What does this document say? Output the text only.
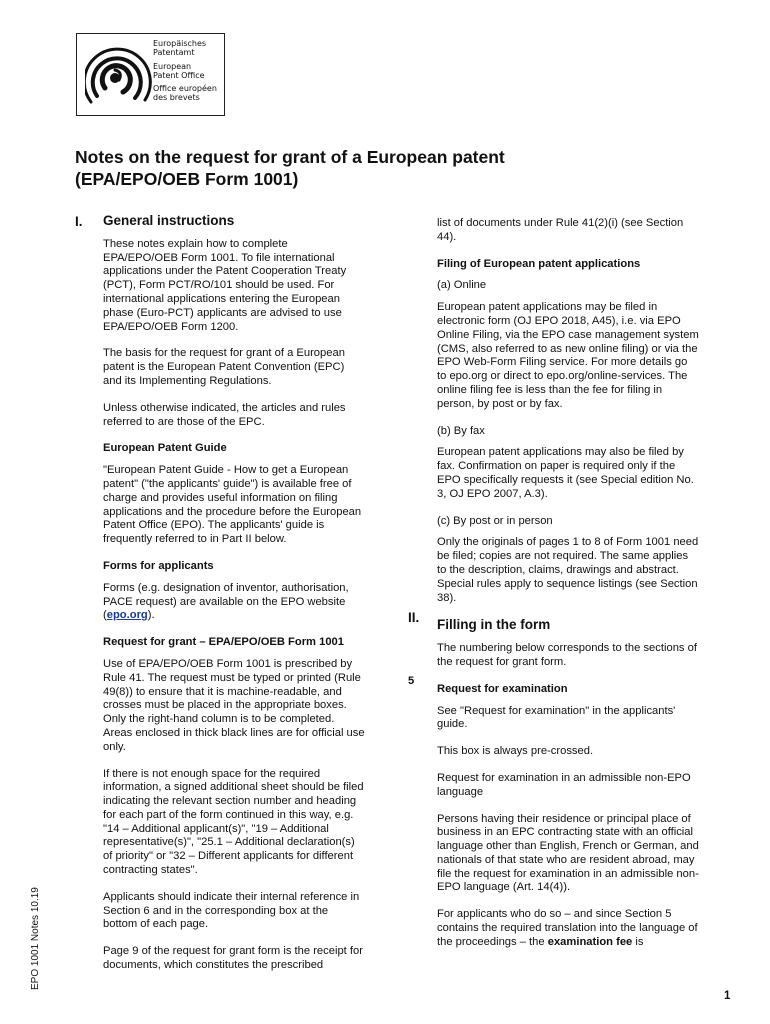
Europäisches
Patentamt
European
Patent Office
Office européen
des brevets
Notes on the request for grant of a European patent
(EPA/EPO/OEB Form 1001)
I. General instructions

These notes explain how to complete EPA/EPO/OEB Form 1001. To file international applications under the Patent Cooperation Treaty (PCT), Form PCT/RO/101 should be used. For international applications entering the European phase (Euro-PCT) applicants are advised to use EPA/EPO/OEB Form 1200.

The basis for the request for grant of a European patent is the European Patent Convention (EPC) and its Implementing Regulations.

Unless otherwise indicated, the articles and rules referred to are those of the EPC.

European Patent Guide

"European Patent Guide - How to get a European patent" ("the applicants' guide") is available free of charge and provides useful information on filing applications and the procedure before the European Patent Office (EPO). The applicants' guide is frequently referred to in Part II below.

Forms for applicants

Forms (e.g. designation of inventor, authorisation, PACE request) are available on the EPO website (epo.org).

Request for grant – EPA/EPO/OEB Form 1001

Use of EPA/EPO/OEB Form 1001 is prescribed by Rule 41. The request must be typed or printed (Rule 49(8)) to ensure that it is machine-readable, and crosses must be placed in the appropriate boxes. Only the right-hand column is to be completed. Areas enclosed in thick black lines are for official use only.

If there is not enough space for the required information, a signed additional sheet should be filed indicating the relevant section number and heading for each part of the form continued in this way, e.g. "14 – Additional applicant(s)", "19 – Additional representative(s)", "25.1 – Additional declaration(s) of priority" or "32 – Different applicants for different contracting states".

Applicants should indicate their internal reference in Section 6 and in the corresponding box at the bottom of each page.

Page 9 of the request for grant form is the receipt for documents, which constitutes the prescribed

list of documents under Rule 41(2)(i) (see Section 44).

Filing of European patent applications

(a) Online

European patent applications may be filed in electronic form (OJ EPO 2018, A45), i.e. via EPO Online Filing, via the EPO case management system (CMS, also referred to as new online filing) or via the EPO Web-Form Filing service. For more details go to epo.org or direct to epo.org/online-services. The online filing fee is less than the fee for filing in person, by post or by fax.

(b) By fax

European patent applications may also be filed by fax. Confirmation on paper is required only if the EPO specifically requests it (see Special edition No. 3, OJ EPO 2007, A.3).

(c) By post or in person

Only the originals of pages 1 to 8 of Form 1001 need be filed; copies are not required. The same applies to the description, claims, drawings and abstract. Special rules apply to sequence listings (see Section 38).

Filling in the form

The numbering below corresponds to the sections of the request for grant form.

Request for examination

See "Request for examination" in the applicants' guide.

This box is always pre-crossed.

Request for examination in an admissible non-EPO language

Persons having their residence or principal place of business in an EPC contracting state with an official language other than English, French or German, and nationals of that state who are resident abroad, may file the request for examination in an admissible non-EPO language (Art. 14(4)).

For applicants who do so – and since Section 5 contains the required translation into the language of the proceedings – the examination fee is

II.
5
EPO 1001 Notes 10.19
1
